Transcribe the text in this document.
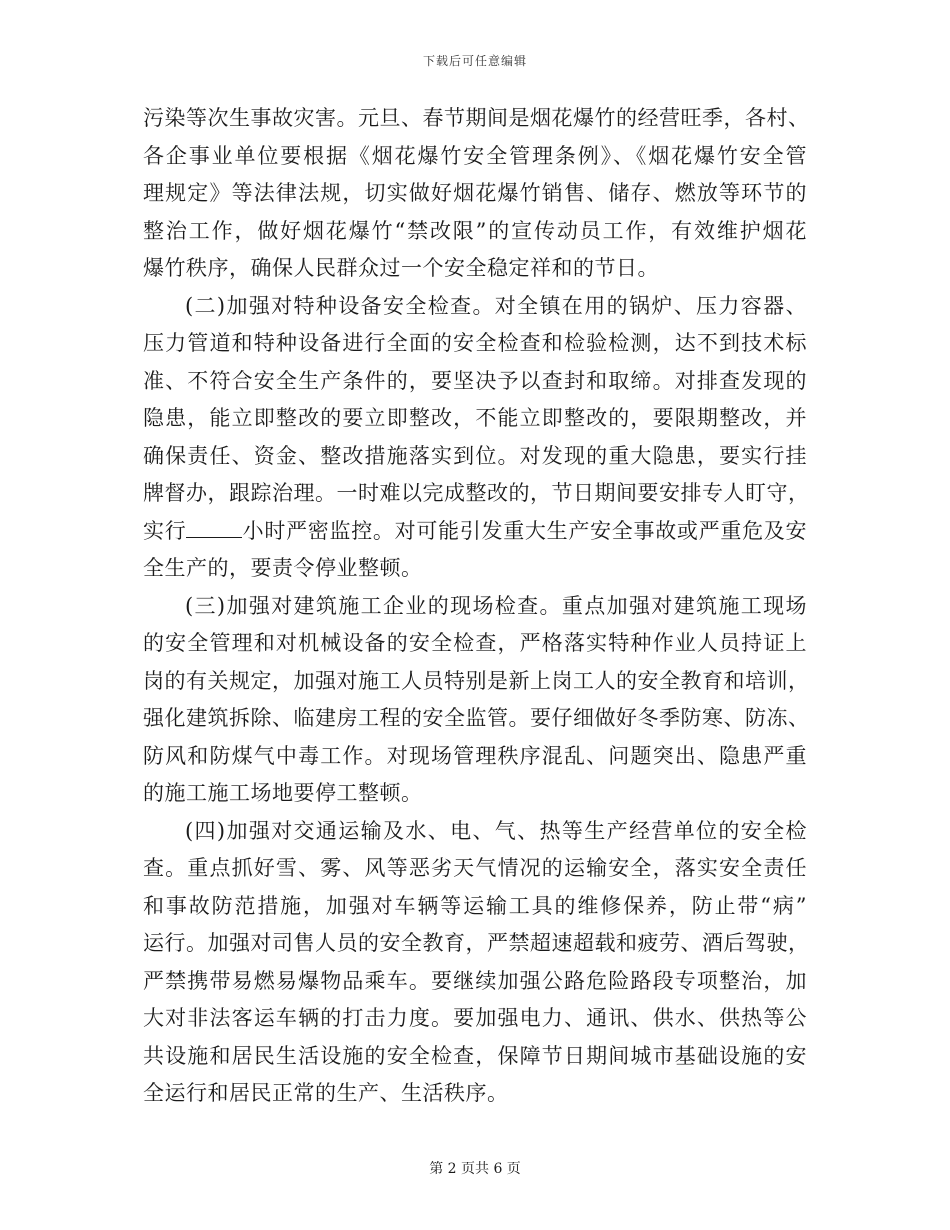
下载后可任意编辑

污染等次生事故灾害。元旦、春节期间是烟花爆竹的经营旺季，各村、
各企事业单位要根据《烟花爆竹安全管理条例》、《烟花爆竹安全管
理规定》等法律法规，切实做好烟花爆竹销售、储存、燃放等环节的
整治工作，做好烟花爆竹“禁改限”的宣传动员工作，有效维护烟花
爆竹秩序，确保人民群众过一个安全稳定祥和的节日。

(二)加强对特种设备安全检查。对全镇在用的锅炉、压力容器、
压力管道和特种设备进行全面的安全检查和检验检测，达不到技术标
准、不符合安全生产条件的，要坚决予以查封和取缔。对排查发现的
隐患，能立即整改的要立即整改，不能立即整改的，要限期整改，并
确保责任、资金、整改措施落实到位。对发现的重大隐患，要实行挂
牌督办，跟踪治理。一时难以完成整改的，节日期间要安排专人盯守，
实行	小时严密监控。对可能引发重大生产安全事故或严重危及安
全生产的，要责令停业整顿。

(三)加强对建筑施工企业的现场检查。重点加强对建筑施工现场
的安全管理和对机械设备的安全检查，严格落实特种作业人员持证上
岗的有关规定，加强对施工人员特别是新上岗工人的安全教育和培训，
强化建筑拆除、临建房工程的安全监管。要仔细做好冬季防寒、防冻、
防风和防煤气中毒工作。对现场管理秩序混乱、问题突出、隐患严重
的施工施工场地要停工整顿。

(四)加强对交通运输及水、电、气、热等生产经营单位的安全检
查。重点抓好雪、雾、风等恶劣天气情况的运输安全，落实安全责任
和事故防范措施，加强对车辆等运输工具的维修保养，防止带“病”
运行。加强对司售人员的安全教育，严禁超速超载和疲劳、酒后驾驶，
严禁携带易燃易爆物品乘车。要继续加强公路危险路段专项整治，加
大对非法客运车辆的打击力度。要加强电力、通讯、供水、供热等公
共设施和居民生活设施的安全检查，保障节日期间城市基础设施的安
全运行和居民正常的生产、生活秩序。

第 2 页共 6 页
